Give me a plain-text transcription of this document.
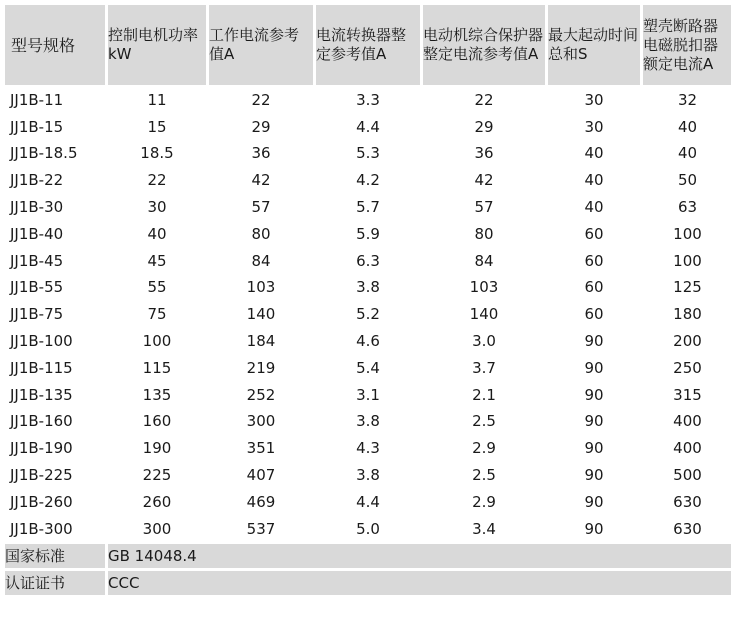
型号规格	控制电机功率kW	工作电流参考值A	电流转换器整定参考值A	电动机综合保护器整定电流参考值A	最大起动时间总和S	塑壳断路器电磁脱扣器额定电流A
JJ1B-11	11	22	3.3	22	30	32
JJ1B-15	15	29	4.4	29	30	40
JJ1B-18.5	18.5	36	5.3	36	40	40
JJ1B-22	22	42	4.2	42	40	50
JJ1B-30	30	57	5.7	57	40	63
JJ1B-40	40	80	5.9	80	60	100
JJ1B-45	45	84	6.3	84	60	100
JJ1B-55	55	103	3.8	103	60	125
JJ1B-75	75	140	5.2	140	60	180
JJ1B-100	100	184	4.6	3.0	90	200
JJ1B-115	115	219	5.4	3.7	90	250
JJ1B-135	135	252	3.1	2.1	90	315
JJ1B-160	160	300	3.8	2.5	90	400
JJ1B-190	190	351	4.3	2.9	90	400
JJ1B-225	225	407	3.8	2.5	90	500
JJ1B-260	260	469	4.4	2.9	90	630
JJ1B-300	300	537	5.0	3.4	90	630
国家标准	GB 14048.4					
认证证书	CCC					
